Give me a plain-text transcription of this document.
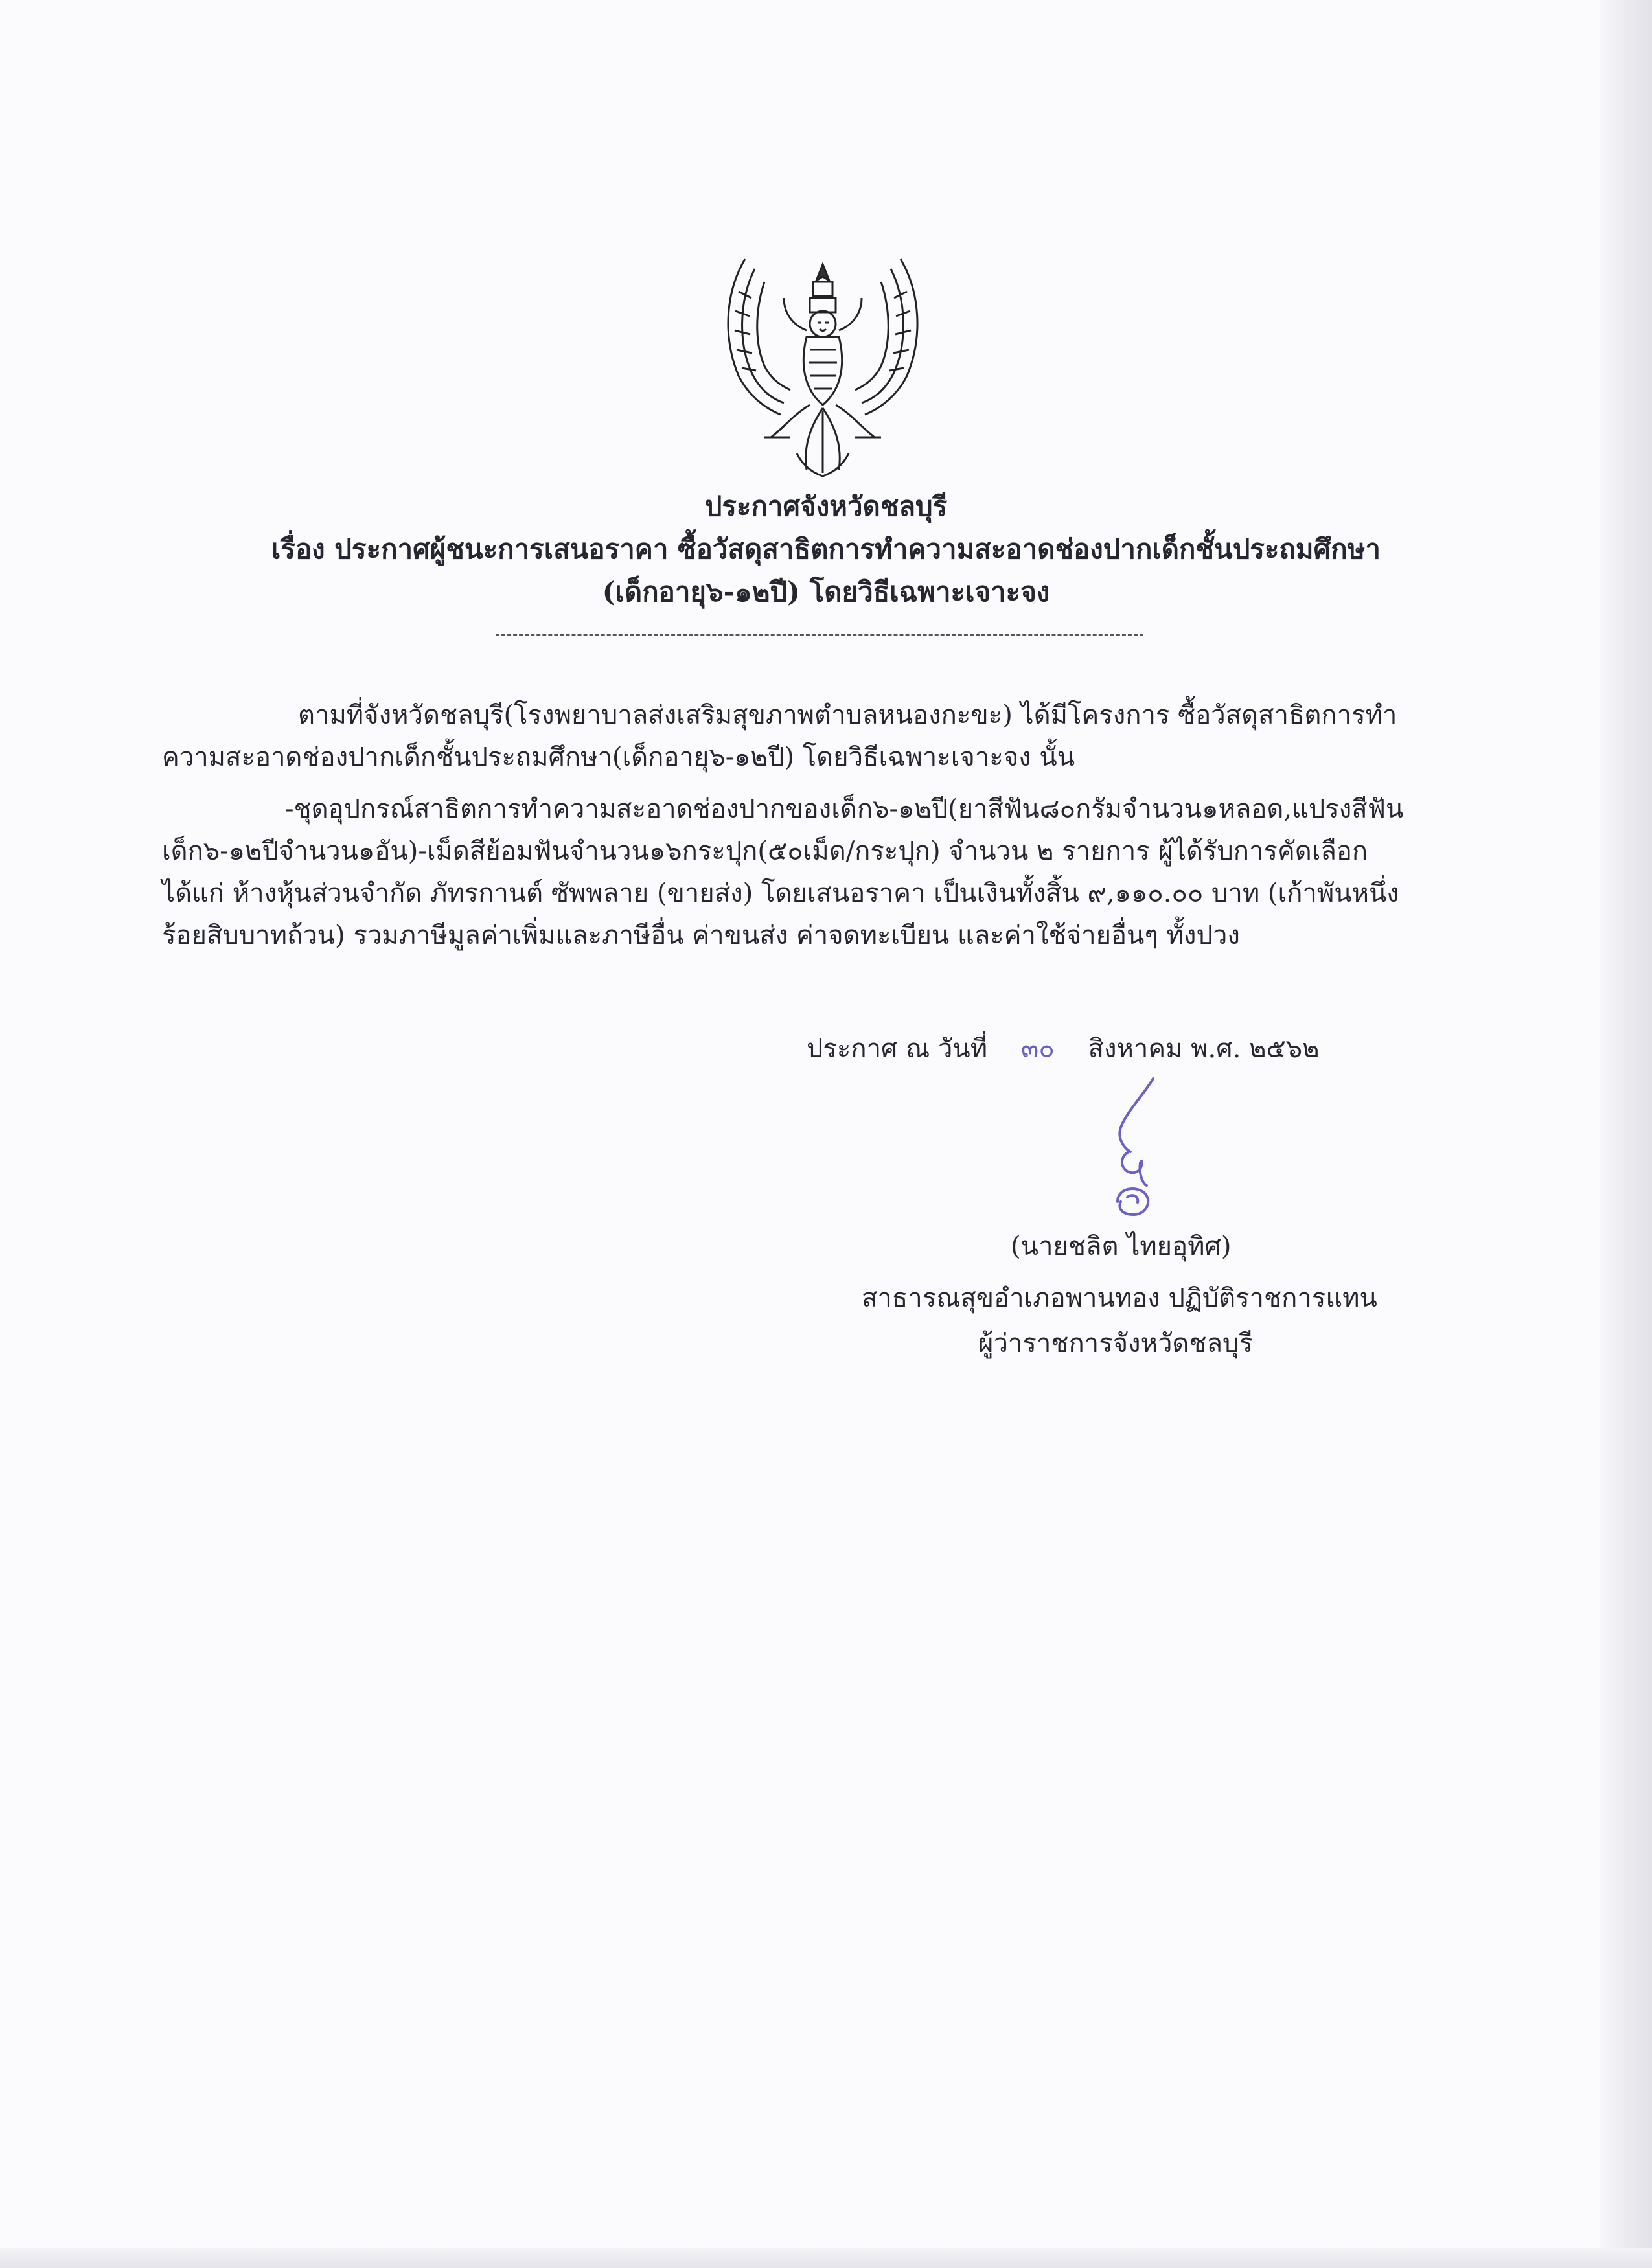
ประกาศจังหวัดชลบุรี
เรื่อง ประกาศผู้ชนะการเสนอราคา ซื้อวัสดุสาธิตการทำความสะอาดช่องปากเด็กชั้นประถมศึกษา
(เด็กอายุ๖-๑๒ปี) โดยวิธีเฉพาะเจาะจง
ตามที่จังหวัดชลบุรี(โรงพยาบาลส่งเสริมสุขภาพตำบลหนองกะขะ) ได้มีโครงการ ซื้อวัสดุสาธิตการทำ
ความสะอาดช่องปากเด็กชั้นประถมศึกษา(เด็กอายุ๖-๑๒ปี) โดยวิธีเฉพาะเจาะจง นั้น
-ชุดอุปกรณ์สาธิตการทำความสะอาดช่องปากของเด็ก๖-๑๒ปี(ยาสีฟัน๘๐กรัมจำนวน๑หลอด,แปรงสีฟัน
เด็ก๖-๑๒ปีจำนวน๑อัน)-เม็ดสีย้อมฟันจำนวน๑๖กระปุก(๕๐เม็ด/กระปุก) จำนวน ๒ รายการ ผู้ได้รับการคัดเลือก
ได้แก่ ห้างหุ้นส่วนจำกัด ภัทรกานต์ ซัพพลาย (ขายส่ง) โดยเสนอราคา เป็นเงินทั้งสิ้น ๙,๑๑๐.๐๐ บาท (เก้าพันหนึ่ง
ร้อยสิบบาทถ้วน) รวมภาษีมูลค่าเพิ่มและภาษีอื่น ค่าขนส่ง ค่าจดทะเบียน และค่าใช้จ่ายอื่นๆ ทั้งปวง
ประกาศ ณ วันที่ ๓๐ สิงหาคม พ.ศ. ๒๕๖๒
(นายชลิต ไทยอุทิศ)
สาธารณสุขอำเภอพานทอง ปฏิบัติราชการแทน
ผู้ว่าราชการจังหวัดชลบุรี
